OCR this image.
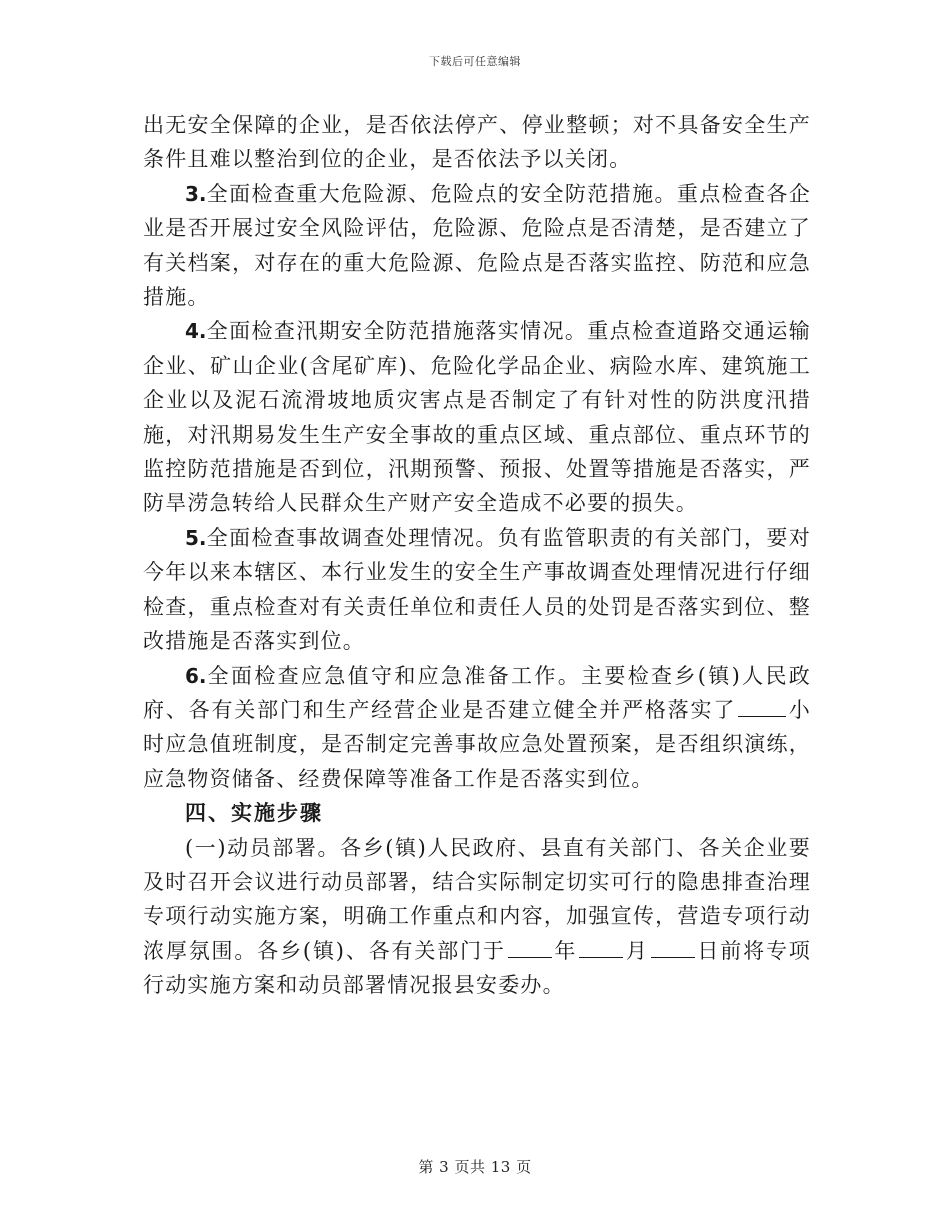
下载后可任意编辑

出无安全保障的企业，是否依法停产、停业整顿；对不具备安全生产条件且难以整治到位的企业，是否依法予以关闭。

3.全面检查重大危险源、危险点的安全防范措施。重点检查各企业是否开展过安全风险评估，危险源、危险点是否清楚，是否建立了有关档案，对存在的重大危险源、危险点是否落实监控、防范和应急措施。

4.全面检查汛期安全防范措施落实情况。重点检查道路交通运输企业、矿山企业(含尾矿库)、危险化学品企业、病险水库、建筑施工企业以及泥石流滑坡地质灾害点是否制定了有针对性的防洪度汛措施，对汛期易发生生产安全事故的重点区域、重点部位、重点环节的监控防范措施是否到位，汛期预警、预报、处置等措施是否落实，严防旱涝急转给人民群众生产财产安全造成不必要的损失。

5.全面检查事故调查处理情况。负有监管职责的有关部门，要对今年以来本辖区、本行业发生的安全生产事故调查处理情况进行仔细检查，重点检查对有关责任单位和责任人员的处罚是否落实到位、整改措施是否落实到位。

6.全面检查应急值守和应急准备工作。主要检查乡(镇)人民政府、各有关部门和生产经营企业是否建立健全并严格落实了 小时应急值班制度，是否制定完善事故应急处置预案，是否组织演练，应急物资储备、经费保障等准备工作是否落实到位。

四、实施步骤

(一)动员部署。各乡(镇)人民政府、县直有关部门、各关企业要及时召开会议进行动员部署，结合实际制定切实可行的隐患排查治理专项行动实施方案，明确工作重点和内容，加强宣传，营造专项行动浓厚氛围。各乡(镇)、各有关部门于 年 月 日前将专项行动实施方案和动员部署情况报县安委办。

第 3 页共 13 页
